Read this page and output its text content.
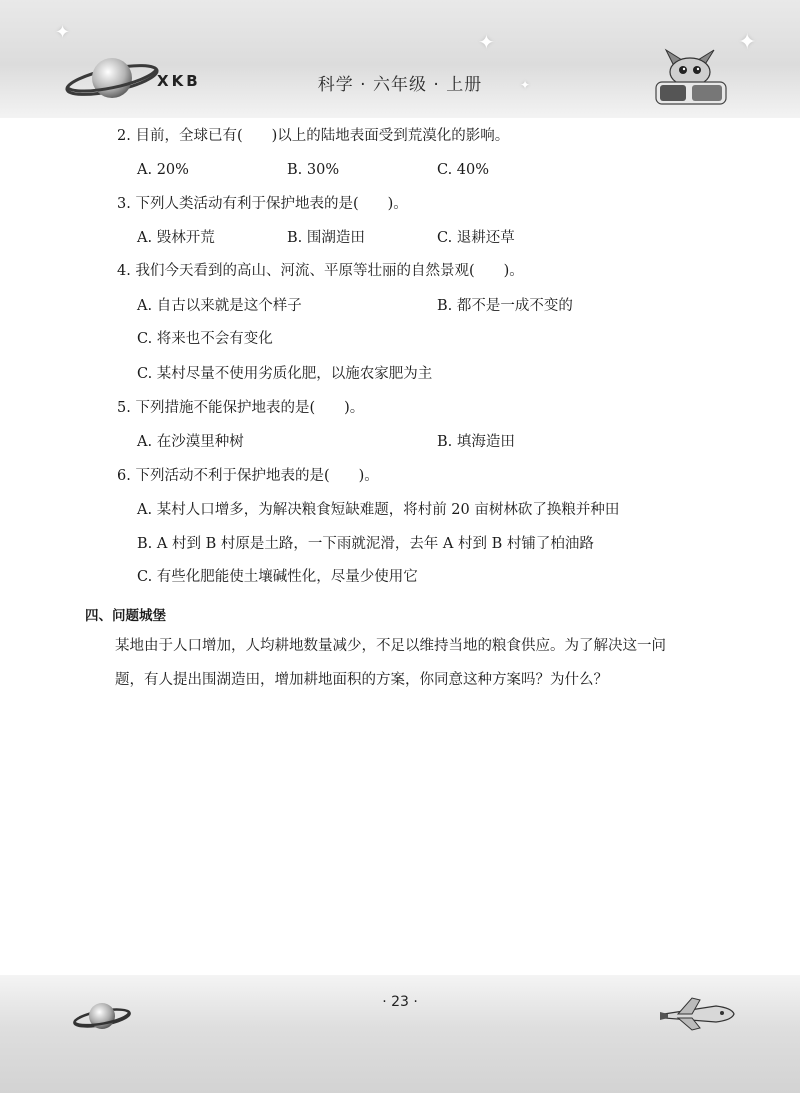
✦	✦	✦
✦
XKB	科学 · 六年级 · 上册
2. 目前，全球已有(　　)以上的陆地表面受到荒漠化的影响。
A. 20%	B. 30%	C. 40%
3. 下列人类活动有利于保护地表的是(　　)。
A. 毁林开荒	B. 围湖造田	C. 退耕还草
4. 我们今天看到的高山、河流、平原等壮丽的自然景观(　　)。
A. 自古以来就是这个样子	B. 都不是一成不变的
C. 将来也不会有变化
C. 某村尽量不使用劣质化肥，以施农家肥为主
5. 下列措施不能保护地表的是(　　)。
A. 在沙漠里种树	B. 填海造田
6. 下列活动不利于保护地表的是(　　)。
A. 某村人口增多，为解决粮食短缺难题，将村前 20 亩树林砍了换粮并种田
B. A 村到 B 村原是土路，一下雨就泥滑，去年 A 村到 B 村铺了柏油路
C. 有些化肥能使土壤碱性化，尽量少使用它
四、问题城堡
某地由于人口增加，人均耕地数量减少，不足以维持当地的粮食供应。为了解决这一问
题，有人提出围湖造田，增加耕地面积的方案，你同意这种方案吗？为什么？
· 23 ·
